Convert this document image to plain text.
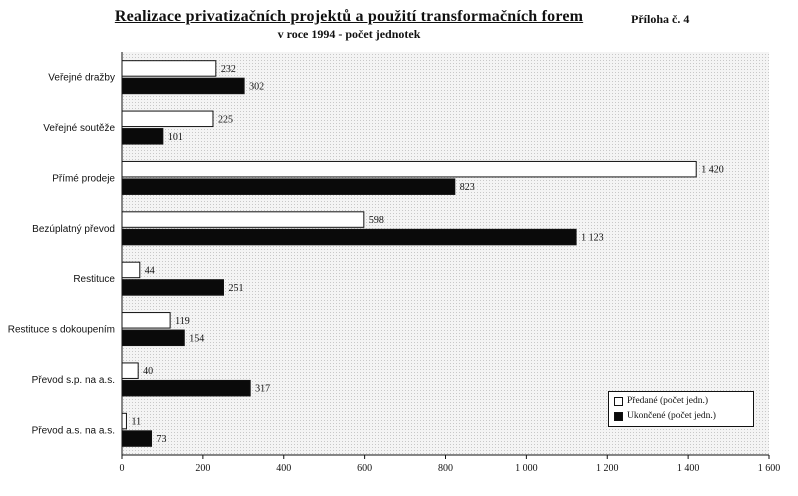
Realizace privatizačních projektů a použití transformačních forem
v roce 1994 - počet jednotek
Příloha č. 4
Veřejné dražby
232
302
Veřejné soutěže
225
101
Přímé prodeje
1 420
823
Bezúplatný převod
598
1 123
Restituce
44
251
Restituce s dokoupením
119
154
Převod s.p. na a.s.
40
317
Převod a.s. na a.s.
11
73
0	200	400	600	800	1 000	1 200	1 400	1 600
Předané (počet jedn.)
Ukončené (počet jedn.)
